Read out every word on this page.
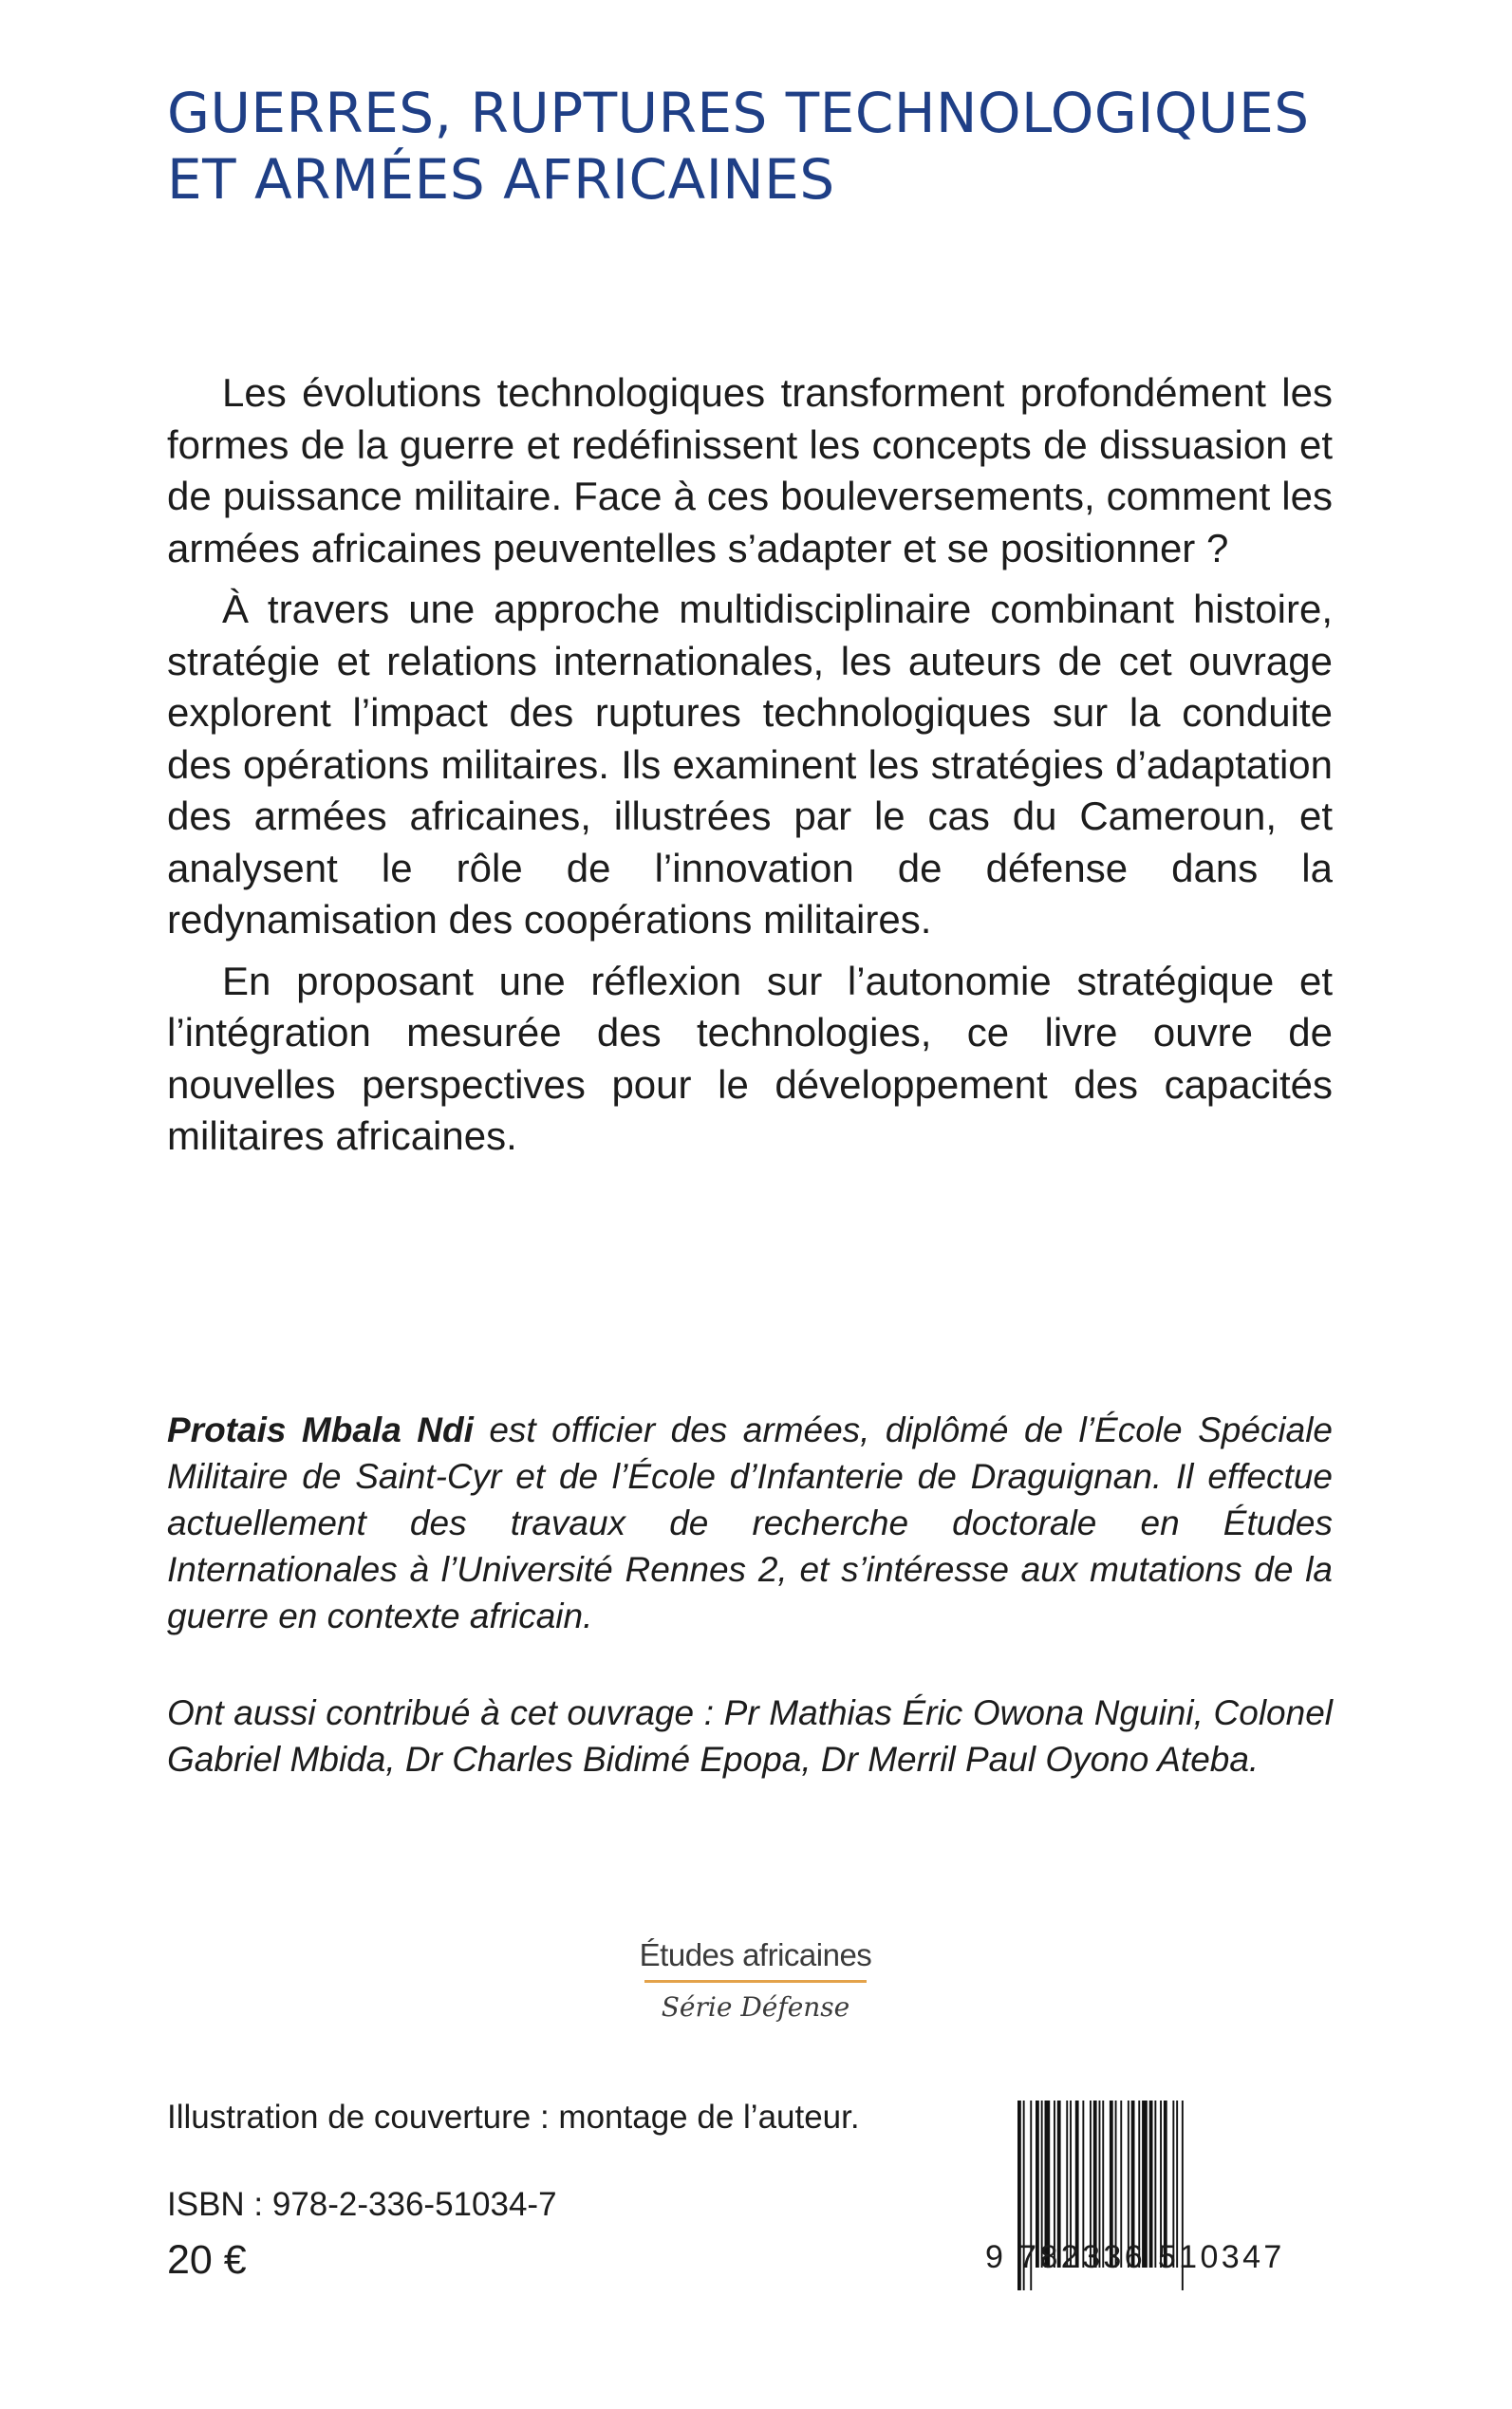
GUERRES, RUPTURES TECHNOLOGIQUES
ET ARMÉES AFRICAINES

Les évolutions technologiques transforment profondément les formes de la guerre et redéfinissent les concepts de dissuasion et de puissance militaire. Face à ces bouleversements, comment les armées africaines peuventelles s’adapter et se positionner ?

À travers une approche multidisciplinaire combinant histoire, stratégie et relations internationales, les auteurs de cet ouvrage explorent l’impact des ruptures technologiques sur la conduite des opérations militaires. Ils examinent les stratégies d’adaptation des armées africaines, illustrées par le cas du Cameroun, et analysent le rôle de l’innovation de défense dans la redynamisation des coopérations militaires.

En proposant une réflexion sur l’autonomie stratégique et l’intégration mesurée des technologies, ce livre ouvre de nouvelles perspectives pour le développement des capacités militaires africaines.

Protais Mbala Ndi est officier des armées, diplômé de l’École Spéciale Militaire de Saint-Cyr et de l’École d’Infanterie de Draguignan. Il effectue actuellement des travaux de recherche doctorale en Études Internationales à l’Université Rennes 2, et s’intéresse aux mutations de la guerre en contexte africain.

Ont aussi contribué à cet ouvrage : Pr Mathias Éric Owona Nguini, Colonel Gabriel Mbida, Dr Charles Bidimé Epopa, Dr Merril Paul Oyono Ateba.

Études africaines
Série Défense

Illustration de couverture : montage de l’auteur.

ISBN : 978-2-336-51034-7

20 €	9 782336 510347
